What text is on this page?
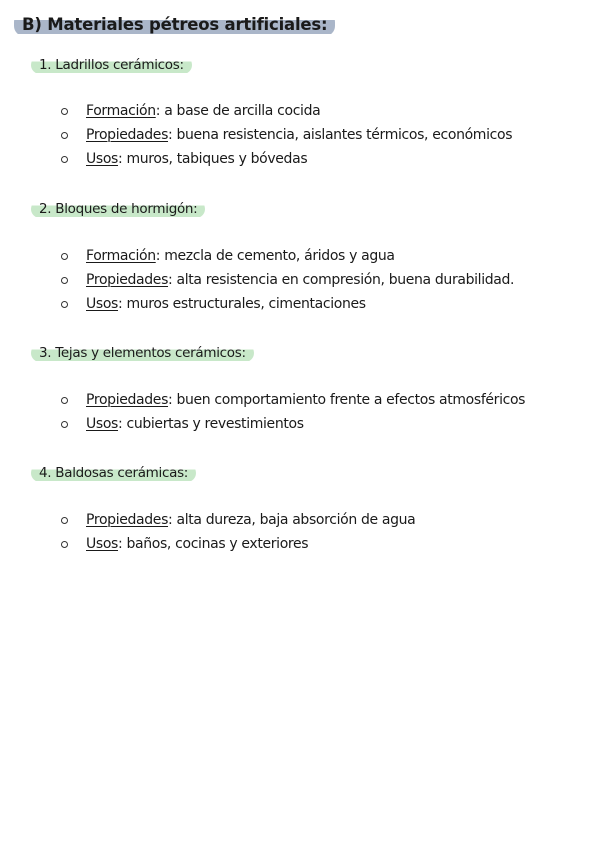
B) Materiales pétreos artificiales:
1. Ladrillos cerámicos:
Formación: a base de arcilla cocida
Propiedades: buena resistencia, aislantes térmicos, económicos
Usos: muros, tabiques y bóvedas
2. Bloques de hormigón:
Formación: mezcla de cemento, áridos y agua
Propiedades: alta resistencia en compresión, buena durabilidad.
Usos: muros estructurales, cimentaciones
3. Tejas y elementos cerámicos:
Propiedades: buen comportamiento frente a efectos atmosféricos
Usos: cubiertas y revestimientos
4. Baldosas cerámicas:
Propiedades: alta dureza, baja absorción de agua
Usos: baños, cocinas y exteriores
